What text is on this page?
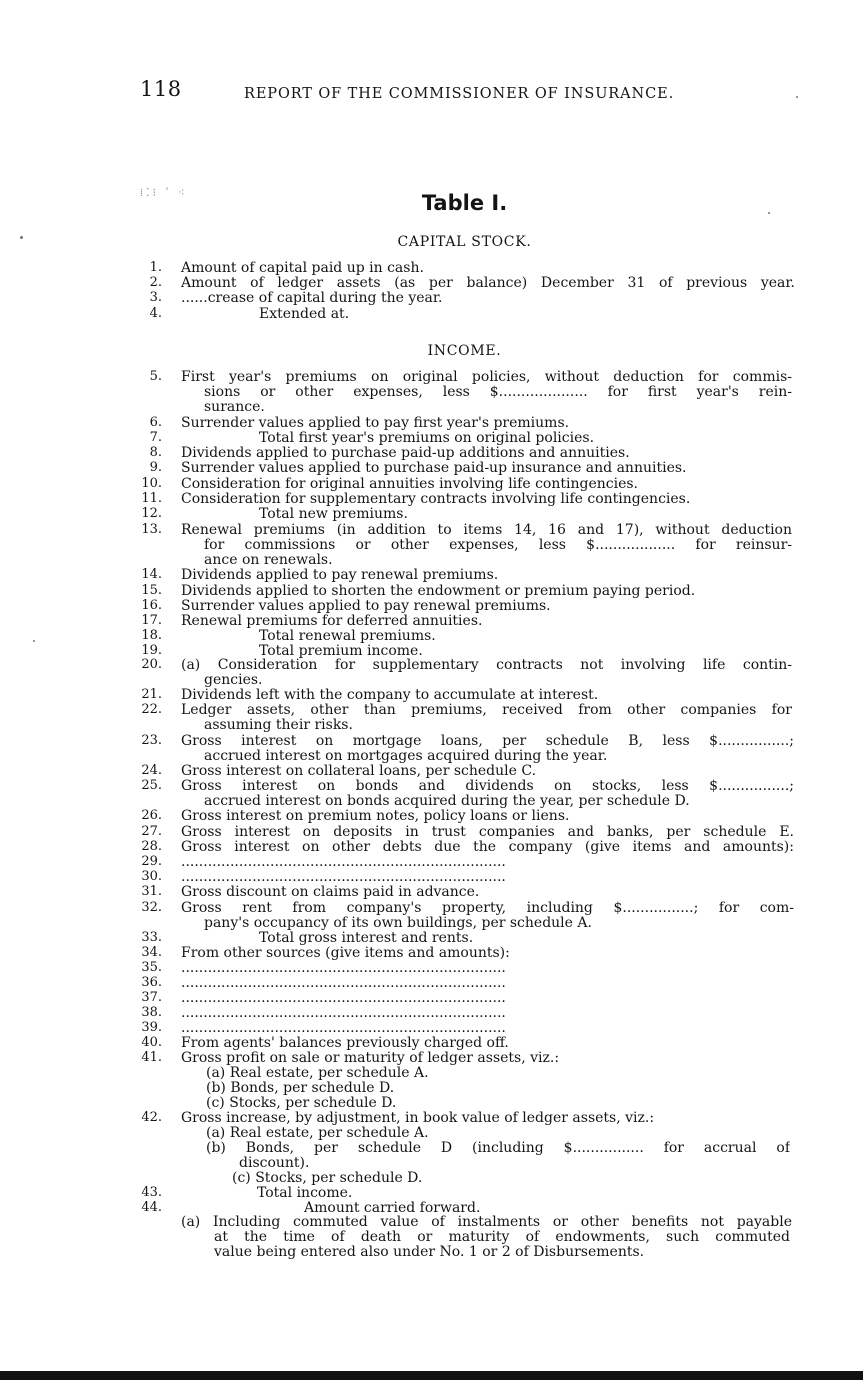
118	REPORT OF THE COMMISSIONER OF INSURANCE.
Table I.
CAPITAL STOCK.
INCOME.
1. Amount of capital paid up in cash.
2. Amount of ledger assets (as per balance) December 31 of previous year.
3. ......crease of capital during the year.
4.	Extended at.
5. First year's premiums on original policies, without deduction for commis-
sions or other expenses, less $.................... for first year's rein-
surance.
6. Surrender values applied to pay first year's premiums.
7.	Total first year's premiums on original policies.
8. Dividends applied to purchase paid-up additions and annuities.
9. Surrender values applied to purchase paid-up insurance and annuities.
10. Consideration for original annuities involving life contingencies.
11. Consideration for supplementary contracts involving life contingencies.
12.	Total new premiums.
13. Renewal premiums (in addition to items 14, 16 and 17), without deduction
for commissions or other expenses, less $.................. for reinsur-
ance on renewals.
14. Dividends applied to pay renewal premiums.
15. Dividends applied to shorten the endowment or premium paying period.
16. Surrender values applied to pay renewal premiums.
17. Renewal premiums for deferred annuities.
18.	Total renewal premiums.
19.	Total premium income.
20. (a) Consideration for supplementary contracts not involving life contin-
gencies.
21. Dividends left with the company to accumulate at interest.
22. Ledger assets, other than premiums, received from other companies for
assuming their risks.
23. Gross interest on mortgage loans, per schedule B, less $................;
accrued interest on mortgages acquired during the year.
24. Gross interest on collateral loans, per schedule C.
25. Gross interest on bonds and dividends on stocks, less $................;
accrued interest on bonds acquired during the year, per schedule D.
26. Gross interest on premium notes, policy loans or liens.
27. Gross interest on deposits in trust companies and banks, per schedule E.
28. Gross interest on other debts due the company (give items and amounts):
29. .........................................................................
30. .........................................................................
31. Gross discount on claims paid in advance.
32. Gross rent from company's property, including $................; for com-
pany's occupancy of its own buildings, per schedule A.
33.	Total gross interest and rents.
34. From other sources (give items and amounts):
35. .........................................................................
36. .........................................................................
37. .........................................................................
38. .........................................................................
39. .........................................................................
40. From agents' balances previously charged off.
41. Gross profit on sale or maturity of ledger assets, viz.:
(a) Real estate, per schedule A.
(b) Bonds, per schedule D.
(c) Stocks, per schedule D.
42. Gross increase, by adjustment, in book value of ledger assets, viz.:
(a) Real estate, per schedule A.
(b) Bonds, per schedule D (including $................ for accrual of
discount).
(c) Stocks, per schedule D.
43.	Total income.
44.	Amount carried forward.
(a) Including commuted value of instalments or other benefits not payable
at the time of death or maturity of endowments, such commuted
value being entered also under No. 1 or 2 of Disbursements.
⁞⁚⁝ ˈ ⁖
